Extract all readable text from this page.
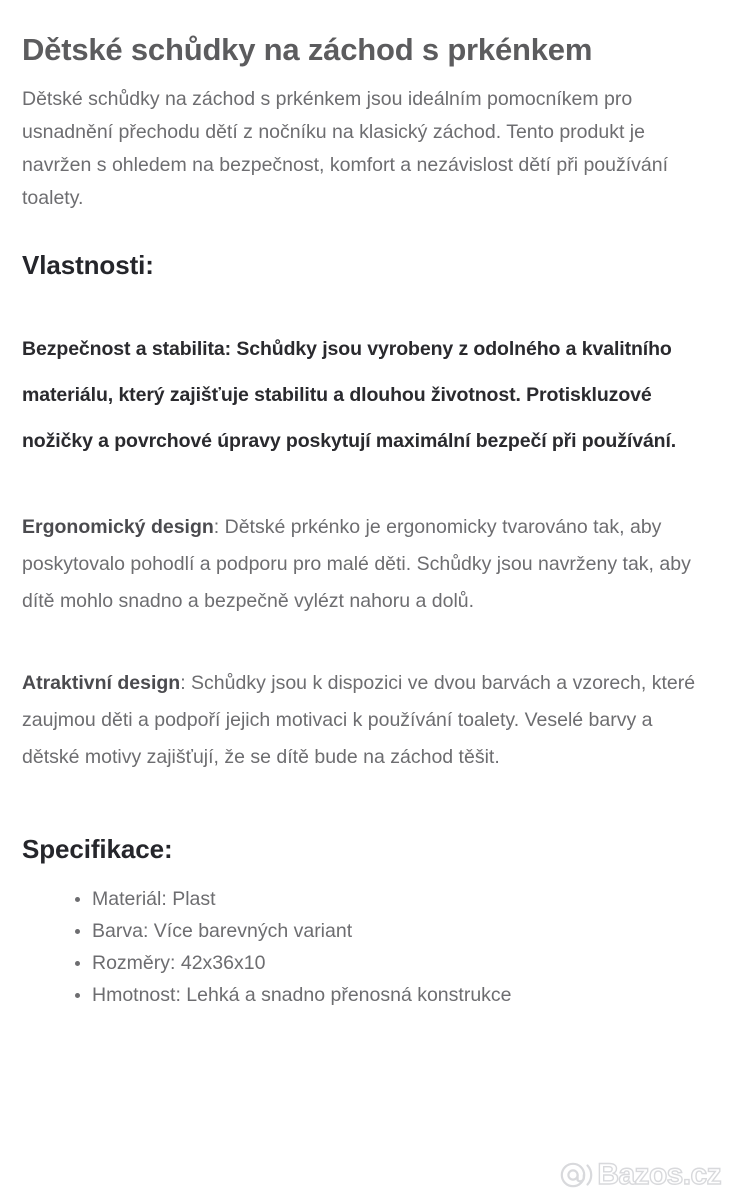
Dětské schůdky na záchod s prkénkem

Dětské schůdky na záchod s prkénkem jsou ideálním pomocníkem pro usnadnění přechodu dětí z nočníku na klasický záchod. Tento produkt je navržen s ohledem na bezpečnost, komfort a nezávislost dětí při používání toalety.

Vlastnosti:

Bezpečnost a stabilita: Schůdky jsou vyrobeny z odolného a kvalitního materiálu, který zajišťuje stabilitu a dlouhou životnost. Protiskluzové nožičky a povrchové úpravy poskytují maximální bezpečí při používání.

Ergonomický design: Dětské prkénko je ergonomicky tvarováno tak, aby poskytovalo pohodlí a podporu pro malé děti. Schůdky jsou navrženy tak, aby dítě mohlo snadno a bezpečně vylézt nahoru a dolů.

Atraktivní design: Schůdky jsou k dispozici ve dvou barvách a vzorech, které zaujmou děti a podpoří jejich motivaci k používání toalety. Veselé barvy a dětské motivy zajišťují, že se dítě bude na záchod těšit.

Specifikace:
Materiál: Plast
Barva: Více barevných variant
Rozměry: 42x36x10
Hmotnost: Lehká a snadno přenosná konstrukce
Bazos.cz
